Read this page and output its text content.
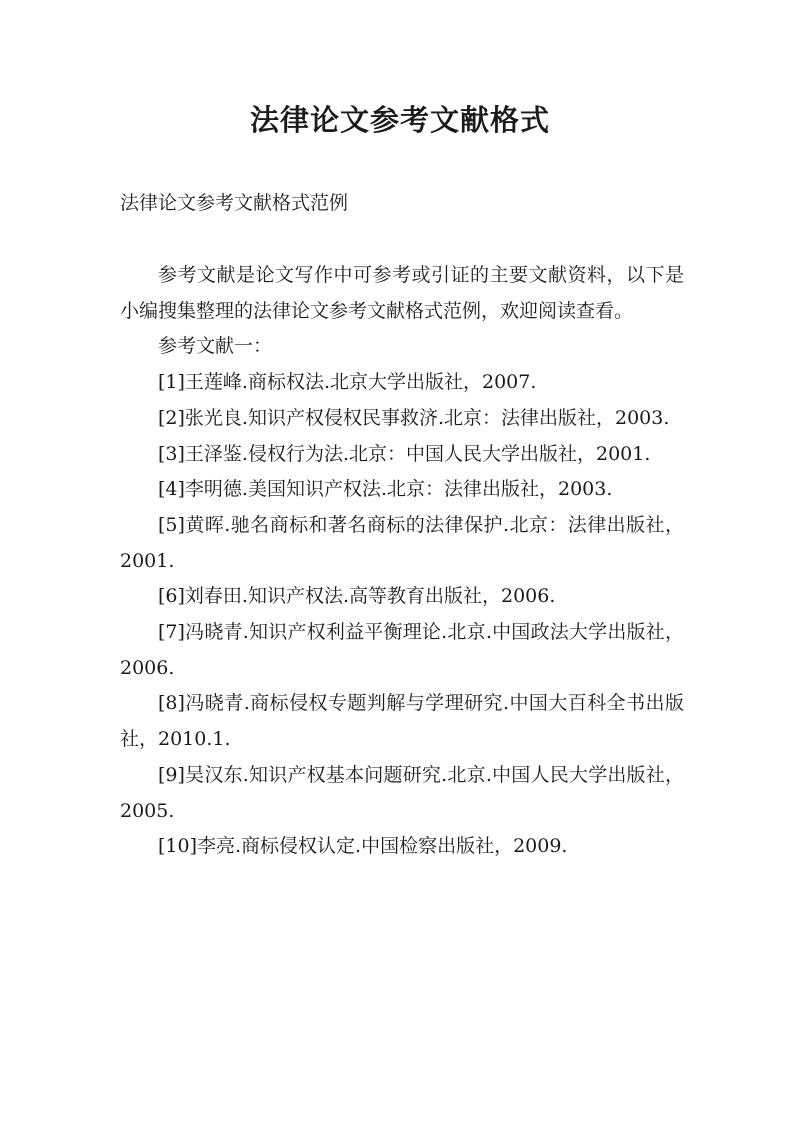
法律论文参考文献格式

法律论文参考文献格式范例

参考文献是论文写作中可参考或引证的主要文献资料，以下是小编搜集整理的法律论文参考文献格式范例，欢迎阅读查看。

参考文献一：

[1]王莲峰.商标权法.北京大学出版社，2007.

[2]张光良.知识产权侵权民事救济.北京：法律出版社，2003.

[3]王泽鉴.侵权行为法.北京：中国人民大学出版社，2001.

[4]李明德.美国知识产权法.北京：法律出版社，2003.

[5]黄晖.驰名商标和著名商标的法律保护.北京：法律出版社，2001.

[6]刘春田.知识产权法.高等教育出版社，2006.

[7]冯晓青.知识产权利益平衡理论.北京.中国政法大学出版社，2006.

[8]冯晓青.商标侵权专题判解与学理研究.中国大百科全书出版社，2010.1.

[9]吴汉东.知识产权基本问题研究.北京.中国人民大学出版社，2005.

[10]李亮.商标侵权认定.中国检察出版社，2009.
